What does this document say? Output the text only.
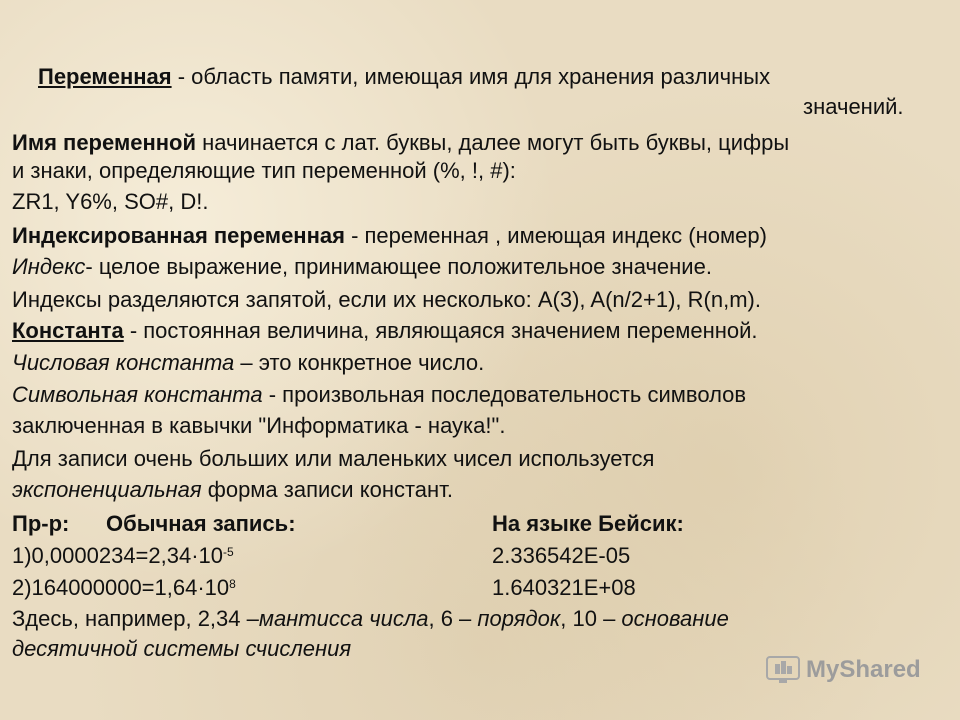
Переменная - область памяти, имеющая имя для хранения различных
значений.
Имя переменной начинается с лат. буквы, далее могут быть буквы, цифры
и знаки, определяющие тип переменной (%, !, #):
ZR1, Y6%, SO#, D!.
Индексированная переменная - переменная , имеющая индекс (номер)
Индекс- целое выражение, принимающее положительное значение.
Индексы разделяются запятой, если их несколько: A(3), A(n/2+1), R(n,m).
Константа - постоянная величина, являющаяся значением переменной.
Числовая константа – это конкретное число.
Символьная константа - произвольная последовательность символов
заключенная в кавычки "Информатика - наука!".
Для записи очень больших или маленьких чисел используется
экспоненциальная форма записи констант.
Пр-р: Обычная запись:	На языке Бейсик:
$1)0,0000234=2,34\cdot 10^{-5}$	2.336542E-05
$2)164000000=1,64\cdot 10^8$	1.640321E+08
Здесь, например, 2,34 –мантисса числа, 6 – порядок, 10 – основание
десятичной системы счисления
MyShared
